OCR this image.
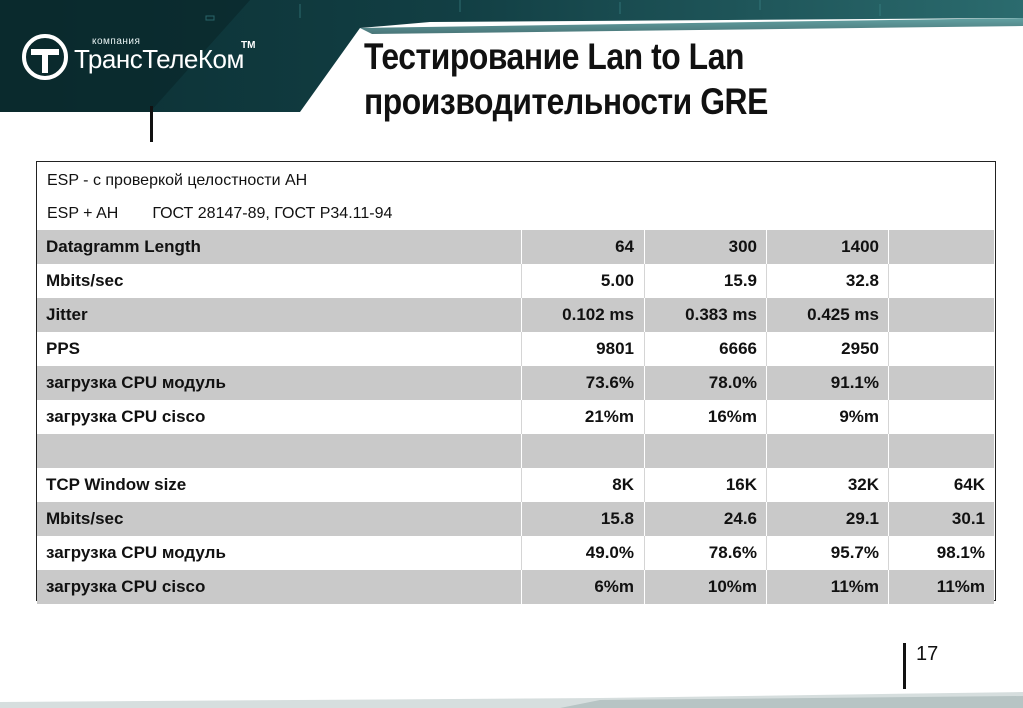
компания
ТрансТелеКом
TM	Тестирование Lan to Lan
производительности GRE
ESP - с проверкой целостности АН
ESP + AH ГОСТ 28147-89, ГОСТ Р34.11-94
Datagramm Length	64	300	1400
Mbits/sec	5.00	15.9	32.8
Jitter	0.102 ms	0.383 ms	0.425 ms
PPS	9801	6666	2950
загрузка CPU модуль	73.6%	78.0%	91.1%
загрузка CPU cisco	21%m	16%m	9%m
TCP Window size	8K	16K	32K	64K
Mbits/sec	15.8	24.6	29.1	30.1
загрузка CPU модуль	49.0%	78.6%	95.7%	98.1%
загрузка CPU cisco	6%m	10%m	11%m	11%m
17
